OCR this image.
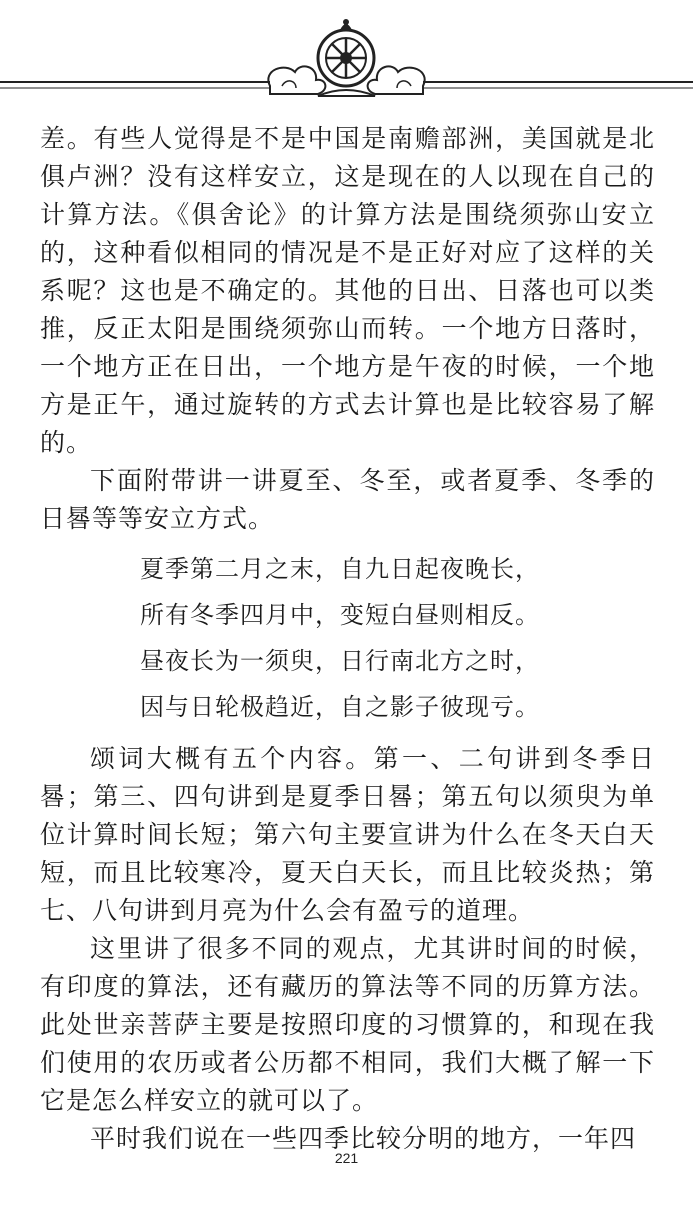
差。有些人觉得是不是中国是南赡部洲，美国就是北俱卢洲？没有这样安立，这是现在的人以现在自己的计算方法。《俱舍论》的计算方法是围绕须弥山安立的，这种看似相同的情况是不是正好对应了这样的关系呢？这也是不确定的。其他的日出、日落也可以类推，反正太阳是围绕须弥山而转。一个地方日落时，一个地方正在日出，一个地方是午夜的时候，一个地方是正午，通过旋转的方式去计算也是比较容易了解的。

下面附带讲一讲夏至、冬至，或者夏季、冬季的日晷等等安立方式。

夏季第二月之末，自九日起夜晚长，
所有冬季四月中，变短白昼则相反。
昼夜长为一须臾，日行南北方之时，
因与日轮极趋近，自之影子彼现亏。

颂词大概有五个内容。第一、二句讲到冬季日晷；第三、四句讲到是夏季日晷；第五句以须臾为单位计算时间长短；第六句主要宣讲为什么在冬天白天短，而且比较寒冷，夏天白天长，而且比较炎热；第七、八句讲到月亮为什么会有盈亏的道理。

这里讲了很多不同的观点，尤其讲时间的时候，有印度的算法，还有藏历的算法等不同的历算方法。此处世亲菩萨主要是按照印度的习惯算的，和现在我们使用的农历或者公历都不相同，我们大概了解一下它是怎么样安立的就可以了。

平时我们说在一些四季比较分明的地方，一年四

221
